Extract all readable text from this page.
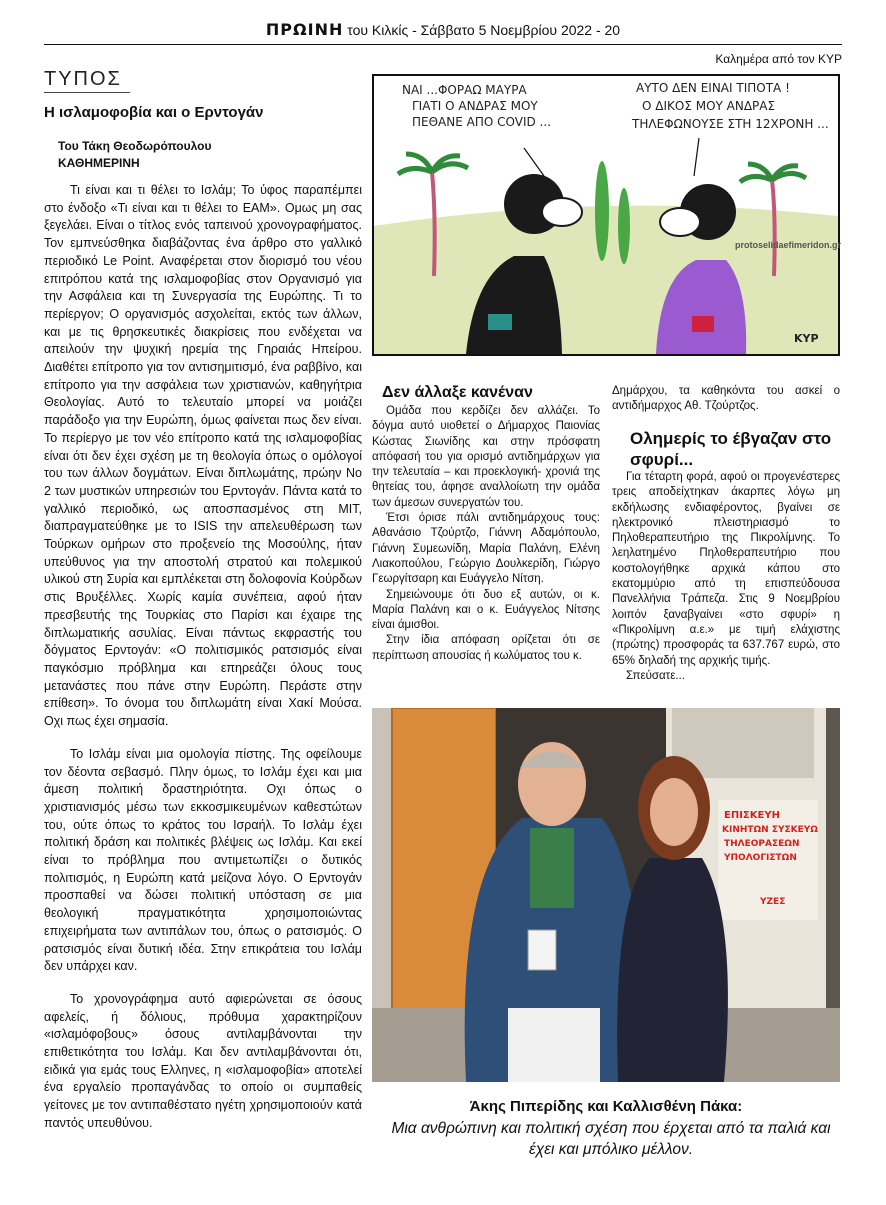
ΠΡΩΙΝΗ του Κιλκίς - Σάββατο 5 Νοεμβρίου 2022 - 20
Καλημέρα από τον ΚΥΡ
ΤΥΠΟΣ
Η ισλαμοφοβία και ο Ερντογάν
Του Τάκη Θεοδωρόπουλου
ΚΑΘΗΜΕΡΙΝΗ

Τι είναι και τι θέλει το Ισλάμ; Το ύφος παραπέμπει στο ένδοξο «Τι είναι και τι θέλει το ΕΑΜ». Ομως μη σας ξεγελάει. Είναι ο τίτλος ενός ταπεινού χρονογραφήματος. Τον εμπνεύσθηκα διαβάζοντας ένα άρθρο στο γαλλικό περιοδικό Le Point. Αναφέρεται στον διορισμό του νέου επιτρόπου κατά της ισλαμοφοβίας στον Οργανισμό για την Ασφάλεια και τη Συνεργασία της Ευρώπης. Τι το περίεργον; Ο οργανισμός ασχολείται, εκτός των άλλων, και με τις θρησκευτικές διακρίσεις που ενδέχεται να απειλούν την ψυχική ηρεμία της Γηραιάς Ηπείρου. Διαθέτει επίτροπο για τον αντισημιτισμό, ένα ραββίνο, και επίτροπο για την ασφάλεια των χριστιανών, καθηγήτρια Θεολογίας. Αυτό το τελευταίο μπορεί να μοιάζει παράδοξο για την Ευρώπη, όμως φαίνεται πως δεν είναι. Το περίεργο με τον νέο επίτροπο κατά της ισλαμοφοβίας είναι ότι δεν έχει σχέση με τη θεολογία όπως ο ομόλογοί του των άλλων δογμάτων. Είναι διπλωμάτης, πρώην Νο 2 των μυστικών υπηρεσιών του Ερντογάν. Πάντα κατά το γαλλικό περιοδικό, ως αποσπασμένος στη ΜΙΤ, διαπραγματεύθηκε με το ISIS την απελευθέρωση των Τούρκων ομήρων στο προξενείο της Μοσούλης, ήταν υπεύθυνος για την αποστολή στρατού και πολεμικού υλικού στη Συρία και εμπλέκεται στη δολοφονία Κούρδων στις Βρυξέλλες. Χωρίς καμία συνέπεια, αφού ήταν πρεσβευτής της Τουρκίας στο Παρίσι και έχαιρε της διπλωματικής ασυλίας. Είναι πάντως εκφραστής του δόγματος Ερντογάν: «Ο πολιτισμικός ρατσισμός είναι παγκόσμιο πρόβλημα και επηρεάζει όλους τους μετανάστες που πάνε στην Ευρώπη. Περάστε στην επίθεση». Το όνομα του διπλωμάτη είναι Χακί Μούσα. Οχι πως έχει σημασία.

Το Ισλάμ είναι μια ομολογία πίστης. Της οφείλουμε τον δέοντα σεβασμό. Πλην όμως, το Ισλάμ έχει και μια άμεση πολιτική δραστηριότητα. Οχι όπως ο χριστιανισμός μέσω των εκκοσμικευμένων καθεστώτων του, ούτε όπως το κράτος του Ισραήλ. Το Ισλάμ έχει πολιτική δράση και πολιτικές βλέψεις ως Ισλάμ. Και εκεί είναι το πρόβλημα που αντιμετωπίζει ο δυτικός πολιτισμός, η Ευρώπη κατά μείζονα λόγο. Ο Ερντογάν προσπαθεί να δώσει πολιτική υπόσταση σε μια θεολογική πραγματικότητα χρησιμοποιώντας επιχειρήματα των αντιπάλων του, όπως ο ρατσισμός. Ο ρατσισμός είναι δυτική ιδέα. Στην επικράτεια του Ισλάμ δεν υπάρχει καν.

Το χρονογράφημα αυτό αφιερώνεται σε όσους αφελείς, ή δόλιους, πρόθυμα χαρακτηρίζουν «ισλαμόφοβους» όσους αντιλαμβάνονται την επιθετικότητα του Ισλάμ. Και δεν αντιλαμβάνονται ότι, ειδικά για εμάς τους Ελληνες, η «ισλαμοφοβία» αποτελεί ένα εργαλείο προπαγάνδας το οποίο οι συμπαθείς γείτονες με τον αντιπαθέστατο ηγέτη χρησιμοποιούν κατά παντός υπευθύνου.

ΝΑΙ ...ΦΟΡΑΩ ΜΑΥΡΑ
ΓΙΑΤΙ Ο ΑΝΔΡΑΣ ΜΟΥ
ΠΕΘΑΝΕ ΑΠΟ COVID ...
ΑΥΤΟ ΔΕΝ ΕΙΝΑΙ ΤΙΠΟΤΑ !
Ο ΔΙΚΟΣ ΜΟΥ ΑΝΔΡΑΣ
ΤΗΛΕΦΩΝΟΥΣΕ ΣΤΗ 12ΧΡΟΝΗ ...
ΚΥΡ
protoselidaefimeridon.gr
Δεν άλλαξε κανέναν

Ομάδα που κερδίζει δεν αλλάζει. Το δόγμα αυτό υιοθετεί ο Δήμαρχος Παιονίας Κώστας Σιωνίδης και στην πρόσφατη απόφασή του για ορισμό αντιδημάρχων για την τελευταία – και προεκλογική- χρονιά της θητείας του, άφησε αναλλοίωτη την ομάδα των άμεσων συνεργατών του.

Έτσι όρισε πάλι αντιδημάρχους τους: Αθανάσιο Τζούρτζο, Γιάννη Αδαμόπουλο, Γιάννη Συμεωνίδη, Μαρία Παλάνη, Ελένη Λιακοπούλου, Γεώργιο Δουλκερίδη, Γιώργο Γεωργίτσαρη και Ευάγγελο Νίτση.

Σημειώνουμε ότι δυο εξ αυτών, οι κ. Μαρία Παλάνη και ο κ. Ευάγγελος Νίτσης είναι άμισθοι.

Στην ίδια απόφαση ορίζεται ότι σε περίπτωση απουσίας ή κωλύματος του κ.

Δημάρχου, τα καθηκόντα του ασκεί ο αντιδήμαρχος Αθ. Τζούρτζος.

Ολημερίς το έβγαζαν στο σφυρί...

Για τέταρτη φορά, αφού οι προγενέστερες τρεις αποδείχτηκαν άκαρπες λόγω μη εκδήλωσης ενδιαφέροντος, βγαίνει σε ηλεκτρονικό πλειστηριασμό το Πηλοθεραπευτήριο της Πικρολίμνης. Το λεηλατημένο Πηλοθεραπευτήριο που κοστολογήθηκε αρχικά κάπου στο εκατομμύριο από τη επισπεύδουσα Πανελλήνια Τράπεζα. Στις 9 Νοεμβρίου λοιπόν ξαναβγαίνει «στο σφυρί» η «Πικρολίμνη α.ε.» με τιμή ελάχιστης (πρώτης) προσφοράς τα 637.767 ευρώ, στο 65% δηλαδή της αρχικής τιμής.

Σπεύσατε...

ΕΠΙΣΚΕΥΗ
ΚΙΝΗΤΩΝ ΣΥΣΚΕΥΩ
ΤΗΛΕΟΡΑΣΕΩΝ
ΥΠΟΛΟΓΙΣΤΩΝ
ΥΖΕΣ
Άκης Πιπερίδης και Καλλισθένη Πάκα:
Μια ανθρώπινη και πολιτική σχέση που έρχεται από τα παλιά και έχει και μπόλικο μέλλον.
